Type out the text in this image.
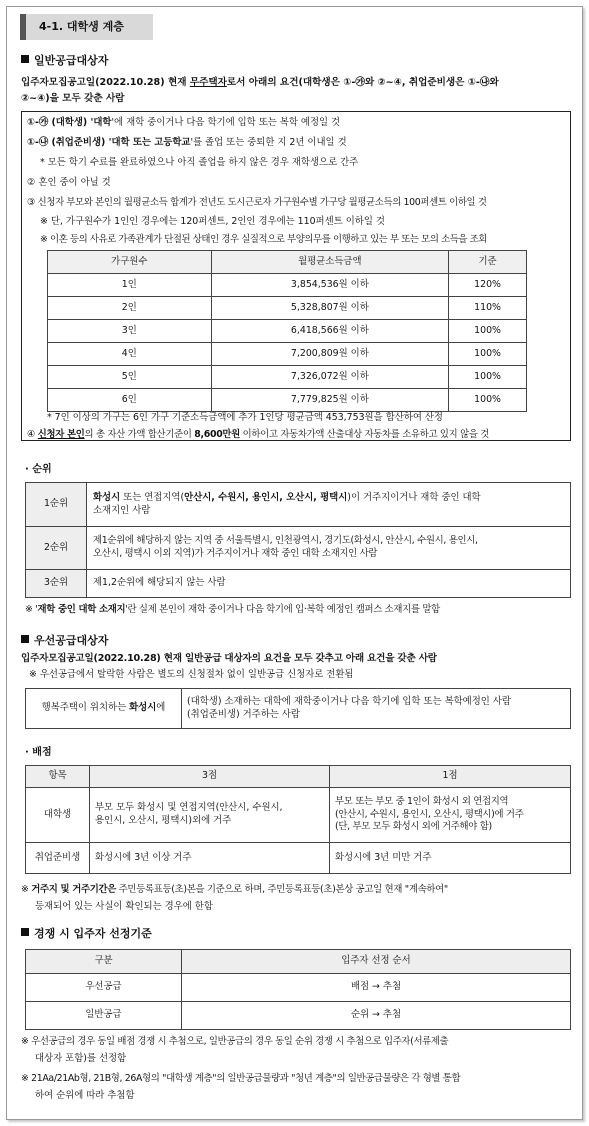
4-1. 대학생 계층
일반공급대상자
입주자모집공고일(2022.10.28) 현재 무주택자로서 아래의 요건(대학생은 ①-㉮와 ②~④, 취업준비생은 ①-㉯와
②~④)을 모두 갖춘 사람
①-㉮ (대학생) '대학'에 재학 중이거나 다음 학기에 입학 또는 복학 예정일 것
①-㉯ (취업준비생) '대학 또는 고등학교'를 졸업 또는 중퇴한 지 2년 이내일 것
* 모든 학기 수료를 완료하였으나 아직 졸업을 하지 않은 경우 재학생으로 간주
② 혼인 중이 아닐 것
③ 신청자 부모와 본인의 월평균소득 합계가 전년도 도시근로자 가구원수별 가구당 월평균소득의 100퍼센트 이하일 것
※ 단, 가구원수가 1인인 경우에는 120퍼센트, 2인인 경우에는 110퍼센트 이하일 것
※ 이혼 등의 사유로 가족관계가 단절된 상태인 경우 실질적으로 부양의무를 이행하고 있는 부 또는 모의 소득을 조회
가구원수	월평균소득금액	기준
1인	3,854,536원 이하	120%
2인	5,328,807원 이하	110%
3인	6,418,566원 이하	100%
4인	7,200,809원 이하	100%
5인	7,326,072원 이하	100%
6인	7,779,825원 이하	100%
* 7인 이상의 가구는 6인 가구 기준소득금액에 추가 1인당 평균금액 453,753원을 합산하여 산정
④ 신청자 본인의 총 자산 가액 합산기준이 8,600만원 이하이고 자동차가액 산출대상 자동차를 소유하고 있지 않을 것
· 순위
1순위	화성시 또는 연접지역(안산시, 수원시, 용인시, 오산시, 평택시)이 거주지이거나 재학 중인 대학
소재지인 사람
2순위	제1순위에 해당하지 않는 지역 중 서울특별시, 인천광역시, 경기도(화성시, 안산시, 수원시, 용인시,
오산시, 평택시 이외 지역)가 거주지이거나 재학 중인 대학 소재지인 사람
3순위	제1,2순위에 해당되지 않는 사람
※ '재학 중인 대학 소재지'란 실제 본인이 재학 중이거나 다음 학기에 입·복학 예정인 캠퍼스 소재지를 말함
우선공급대상자
입주자모집공고일(2022.10.28) 현재 일반공급 대상자의 요건을 모두 갖추고 아래 요건을 갖춘 사람
※ 우선공급에서 탈락한 사람은 별도의 신청절차 없이 일반공급 신청자로 전환됨
행복주택이 위치하는 화성시에	(대학생) 소재하는 대학에 재학중이거나 다음 학기에 입학 또는 복학예정인 사람
(취업준비생) 거주하는 사람
· 배점
항목	3점	1점
대학생	부모 모두 화성시 및 연접지역(안산시, 수원시,
용인시, 오산시, 평택시)외에 거주	부모 또는 부모 중 1인이 화성시 외 연접지역
(안산시, 수원시, 용인시, 오산시, 평택시)에 거주
(단, 부모 모두 화성시 외에 거주해야 함)
취업준비생	화성시에 3년 이상 거주	화성시에 3년 미만 거주
※ 거주지 및 거주기간은 주민등록표등(초)본을 기준으로 하며, 주민등록표등(초)본상 공고일 현재 "계속하여"
등재되어 있는 사실이 확인되는 경우에 한함
경쟁 시 입주자 선정기준
구분	입주자 선정 순서
우선공급	배점 → 추첨
일반공급	순위 → 추첨
※ 우선공급의 경우 동일 배점 경쟁 시 추첨으로, 일반공급의 경우 동일 순위 경쟁 시 추첨으로 입주자(서류제출
대상자 포함)를 선정함
※ 21Aa/21Ab형, 21B형, 26A형의 "대학생 계층"의 일반공급물량과 "청년 계층"의 일반공급물량은 각 형별 통합
하여 순위에 따라 추첨함
